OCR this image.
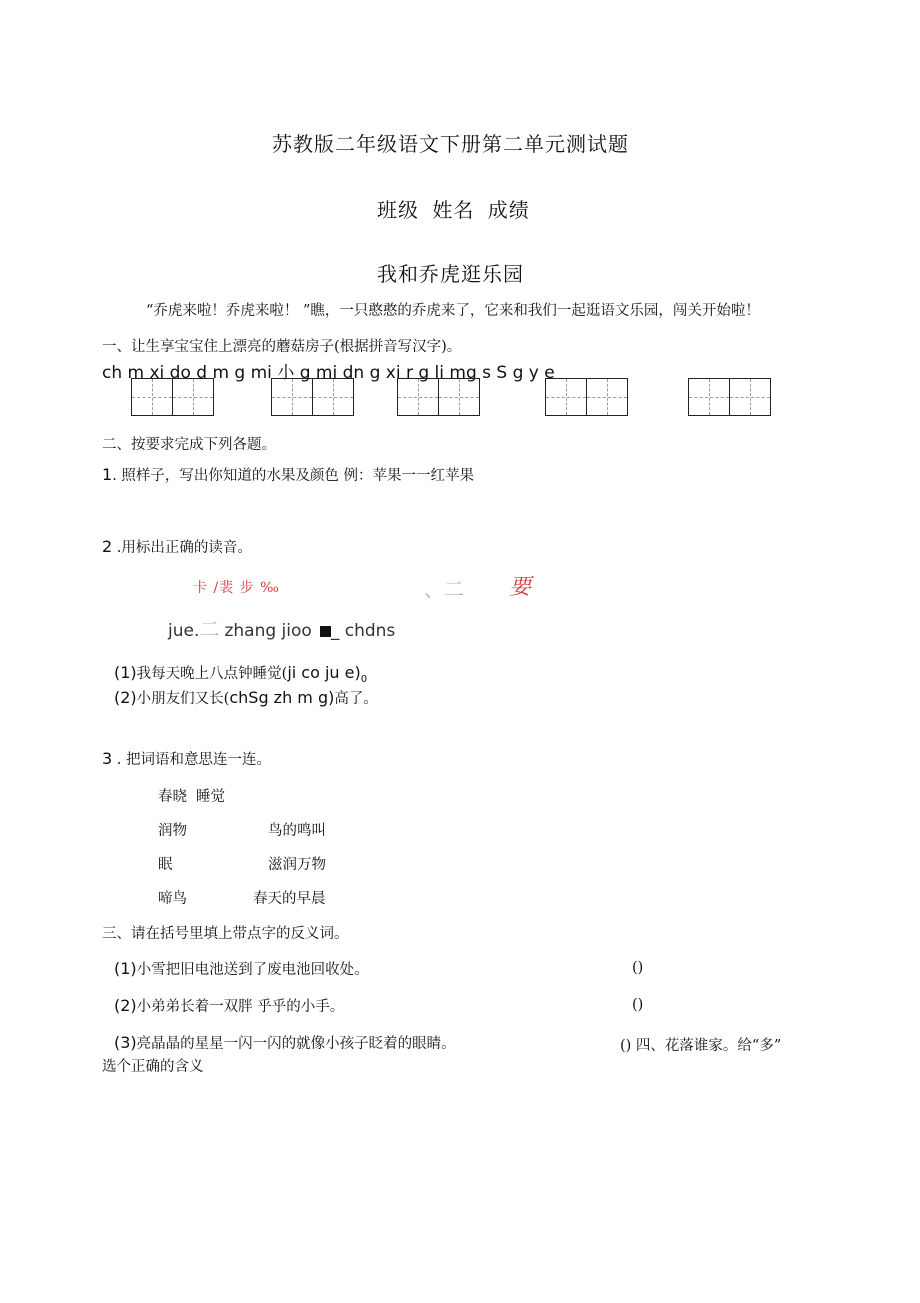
苏教版二年级语文下册第二单元测试题
班级 姓名 成绩
我和乔虎逛乐园
“乔虎来啦！乔虎来啦！ ”瞧，一只憨憨的乔虎来了，它来和我们一起逛语文乐园，闯关开始啦！
一、让生享宝宝住上漂亮的蘑菇房子(根据拼音写汉字)。
ch m xi do d m g mi 小 g mi dn g xi r g li mg s S g y e
二、按要求完成下列各题。
1. 照样子，写出你知道的水果及颜色 例：苹果一一红苹果
2 .用标出正确的读音。
卡 /裴 步 ‰	、二 要
jue.二 zhang jioo _ chdns
(1)我每天晚上八点钟睡觉(ji co ju $e)_0$
(2)小朋友们又长(chSg zh m g)高了。
3 . 把词语和意思连一连。
春晓 睡觉
润物	鸟的鸣叫
眠	滋润万物
啼鸟	春天的早晨
三、请在括号里填上带点字的反义词。
(1)小雪把旧电池送到了废电池回收处。	()
(2)小弟弟长着一双胖 乎乎的小手。	()
(3)亮晶晶的星星一闪一闪的就像小孩子眨着的眼睛。	() 四、花落谁家。给“多”
选个正确的含义
